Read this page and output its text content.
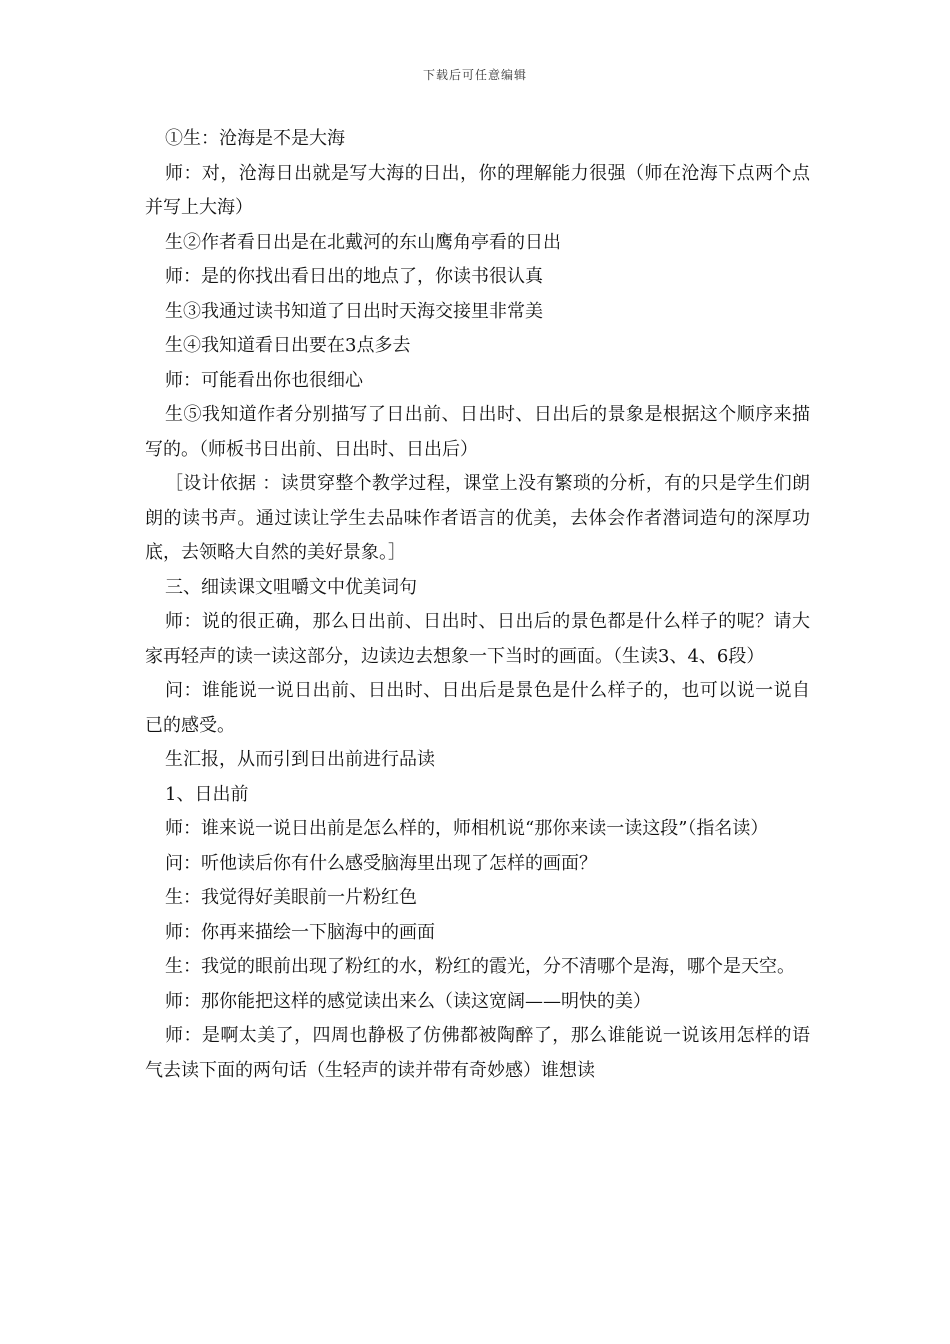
下载后可任意编辑

①生：沧海是不是大海

师：对，沧海日出就是写大海的日出，你的理解能力很强（师在沧海下点两个点并写上大海）

生②作者看日出是在北戴河的东山鹰角亭看的日出

师：是的你找出看日出的地点了，你读书很认真

生③我通过读书知道了日出时天海交接里非常美

生④我知道看日出要在3点多去

师：可能看出你也很细心

生⑤我知道作者分别描写了日出前、日出时、日出后的景象是根据这个顺序来描写的。（师板书日出前、日出时、日出后）

［设计依据 ：读贯穿整个教学过程，课堂上没有繁琐的分析，有的只是学生们朗朗的读书声。通过读让学生去品味作者语言的优美，去体会作者潜词造句的深厚功底，去领略大自然的美好景象。］

三、细读课文咀嚼文中优美词句

师：说的很正确，那么日出前、日出时、日出后的景色都是什么样子的呢？请大家再轻声的读一读这部分，边读边去想象一下当时的画面。（生读3、4、6段）

问：谁能说一说日出前、日出时、日出后是景色是什么样子的，也可以说一说自已的感受。

生汇报，从而引到日出前进行品读

1、日出前

师：谁来说一说日出前是怎么样的，师相机说“那你来读一读这段”（指名读）

问：听他读后你有什么感受脑海里出现了怎样的画面？

生：我觉得好美眼前一片粉红色

师：你再来描绘一下脑海中的画面

生：我觉的眼前出现了粉红的水，粉红的霞光，分不清哪个是海，哪个是天空。

师：那你能把这样的感觉读出来么（读这宽阔——明快的美）

师：是啊太美了，四周也静极了仿佛都被陶醉了，那么谁能说一说该用怎样的语气去读下面的两句话（生轻声的读并带有奇妙感）谁想读
